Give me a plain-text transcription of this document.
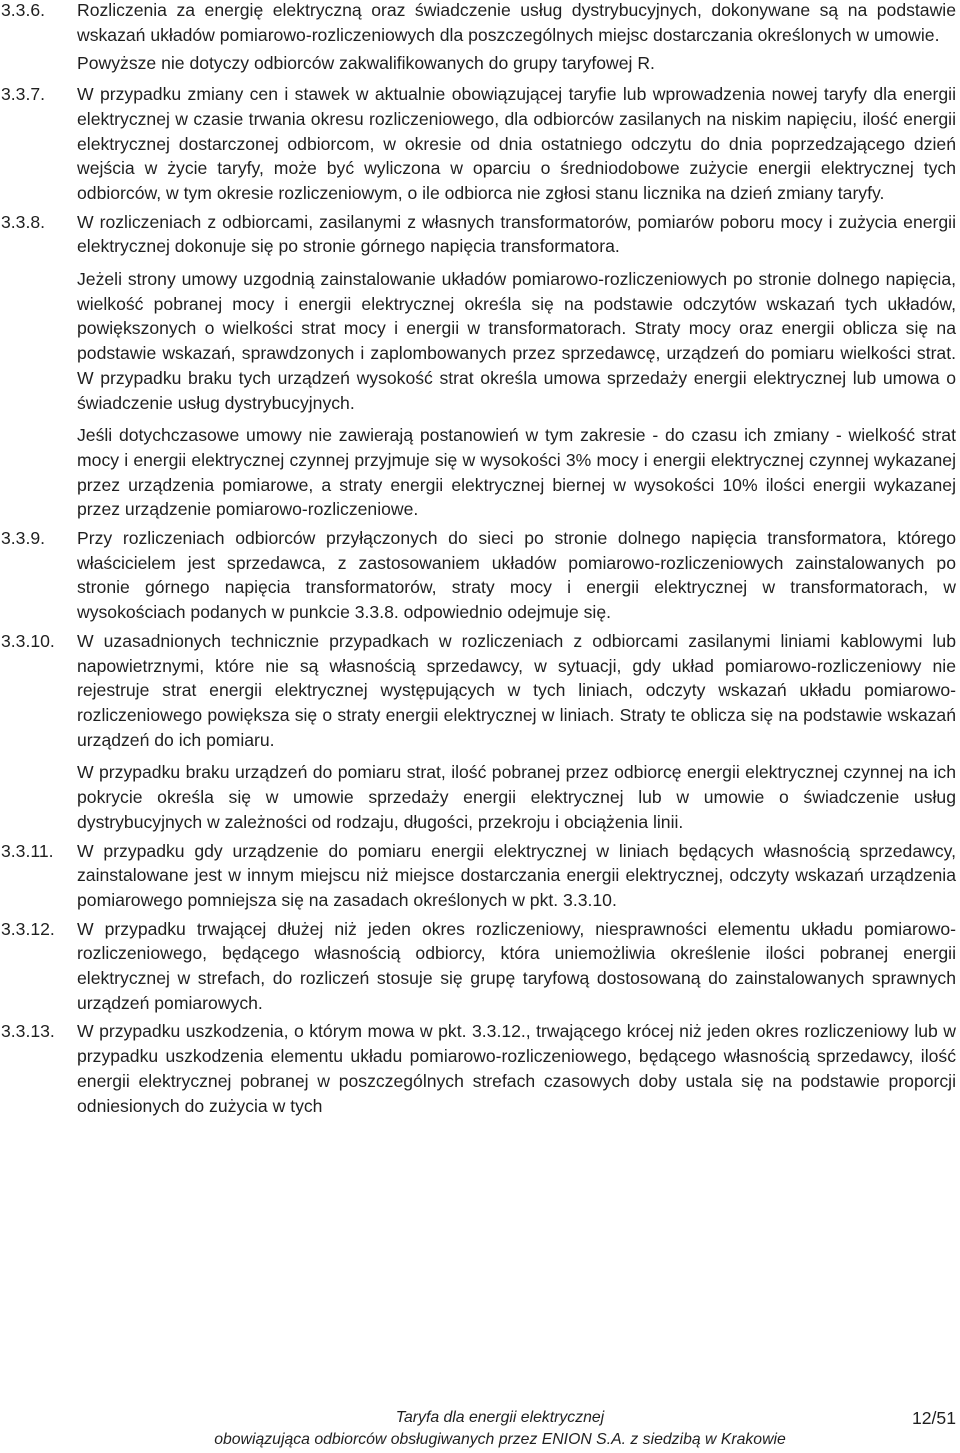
3.3.6. Rozliczenia za energię elektryczną oraz świadczenie usług dystrybucyjnych, dokonywane są na podstawie wskazań układów pomiarowo-rozliczeniowych dla poszczególnych miejsc dostarczania określonych w umowie.

Powyższe nie dotyczy odbiorców zakwalifikowanych do grupy taryfowej R.

3.3.7. W przypadku zmiany cen i stawek w aktualnie obowiązującej taryfie lub wprowadzenia nowej taryfy dla energii elektrycznej w czasie trwania okresu rozliczeniowego, dla odbiorców zasilanych na niskim napięciu, ilość energii elektrycznej dostarczonej odbiorcom, w okresie od dnia ostatniego odczytu do dnia poprzedzającego dzień wejścia w życie taryfy, może być wyliczona w oparciu o średniodobowe zużycie energii elektrycznej tych odbiorców, w tym okresie rozliczeniowym, o ile odbiorca nie zgłosi stanu licznika na dzień zmiany taryfy.

3.3.8. W rozliczeniach z odbiorcami, zasilanymi z własnych transformatorów, pomiarów poboru mocy i zużycia energii elektrycznej dokonuje się po stronie górnego napięcia transformatora.

Jeżeli strony umowy uzgodnią zainstalowanie układów pomiarowo-rozliczeniowych po stronie dolnego napięcia, wielkość pobranej mocy i energii elektrycznej określa się na podstawie odczytów wskazań tych układów, powiększonych o wielkości strat mocy i energii w transformatorach. Straty mocy oraz energii oblicza się na podstawie wskazań, sprawdzonych i zaplombowanych przez sprzedawcę, urządzeń do pomiaru wielkości strat. W przypadku braku tych urządzeń wysokość strat określa umowa sprzedaży energii elektrycznej lub umowa o świadczenie usług dystrybucyjnych.

Jeśli dotychczasowe umowy nie zawierają postanowień w tym zakresie - do czasu ich zmiany - wielkość strat mocy i energii elektrycznej czynnej przyjmuje się w wysokości 3% mocy i energii elektrycznej czynnej wykazanej przez urządzenia pomiarowe, a straty energii elektrycznej biernej w wysokości 10% ilości energii wykazanej przez urządzenie pomiarowo-rozliczeniowe.

3.3.9. Przy rozliczeniach odbiorców przyłączonych do sieci po stronie dolnego napięcia transformatora, którego właścicielem jest sprzedawca, z zastosowaniem układów pomiarowo-rozliczeniowych zainstalowanych po stronie górnego napięcia transformatorów, straty mocy i energii elektrycznej w transformatorach, w wysokościach podanych w punkcie 3.3.8. odpowiednio odejmuje się.

3.3.10. W uzasadnionych technicznie przypadkach w rozliczeniach z odbiorcami zasilanymi liniami kablowymi lub napowietrznymi, które nie są własnością sprzedawcy, w sytuacji, gdy układ pomiarowo-rozliczeniowy nie rejestruje strat energii elektrycznej występujących w tych liniach, odczyty wskazań układu pomiarowo-rozliczeniowego powiększa się o straty energii elektrycznej w liniach. Straty te oblicza się na podstawie wskazań urządzeń do ich pomiaru.

W przypadku braku urządzeń do pomiaru strat, ilość pobranej przez odbiorcę energii elektrycznej czynnej na ich pokrycie określa się w umowie sprzedaży energii elektrycznej lub w umowie o świadczenie usług dystrybucyjnych w zależności od rodzaju, długości, przekroju i obciążenia linii.

3.3.11. W przypadku gdy urządzenie do pomiaru energii elektrycznej w liniach będących własnością sprzedawcy, zainstalowane jest w innym miejscu niż miejsce dostarczania energii elektrycznej, odczyty wskazań urządzenia pomiarowego pomniejsza się na zasadach określonych w pkt. 3.3.10.

3.3.12. W przypadku trwającej dłużej niż jeden okres rozliczeniowy, niesprawności elementu układu pomiarowo-rozliczeniowego, będącego własnością odbiorcy, która uniemożliwia określenie ilości pobranej energii elektrycznej w strefach, do rozliczeń stosuje się grupę taryfową dostosowaną do zainstalowanych sprawnych urządzeń pomiarowych.

3.3.13. W przypadku uszkodzenia, o którym mowa w pkt. 3.3.12., trwającego krócej niż jeden okres rozliczeniowy lub w przypadku uszkodzenia elementu układu pomiarowo-rozliczeniowego, będącego własnością sprzedawcy, ilość energii elektrycznej pobranej w poszczególnych strefach czasowych doby ustala się na podstawie proporcji odniesionych do zużycia w tych

Taryfa dla energii elektrycznej
obowiązująca odbiorców obsługiwanych przez ENION S.A. z siedzibą w Krakowie
12/51
